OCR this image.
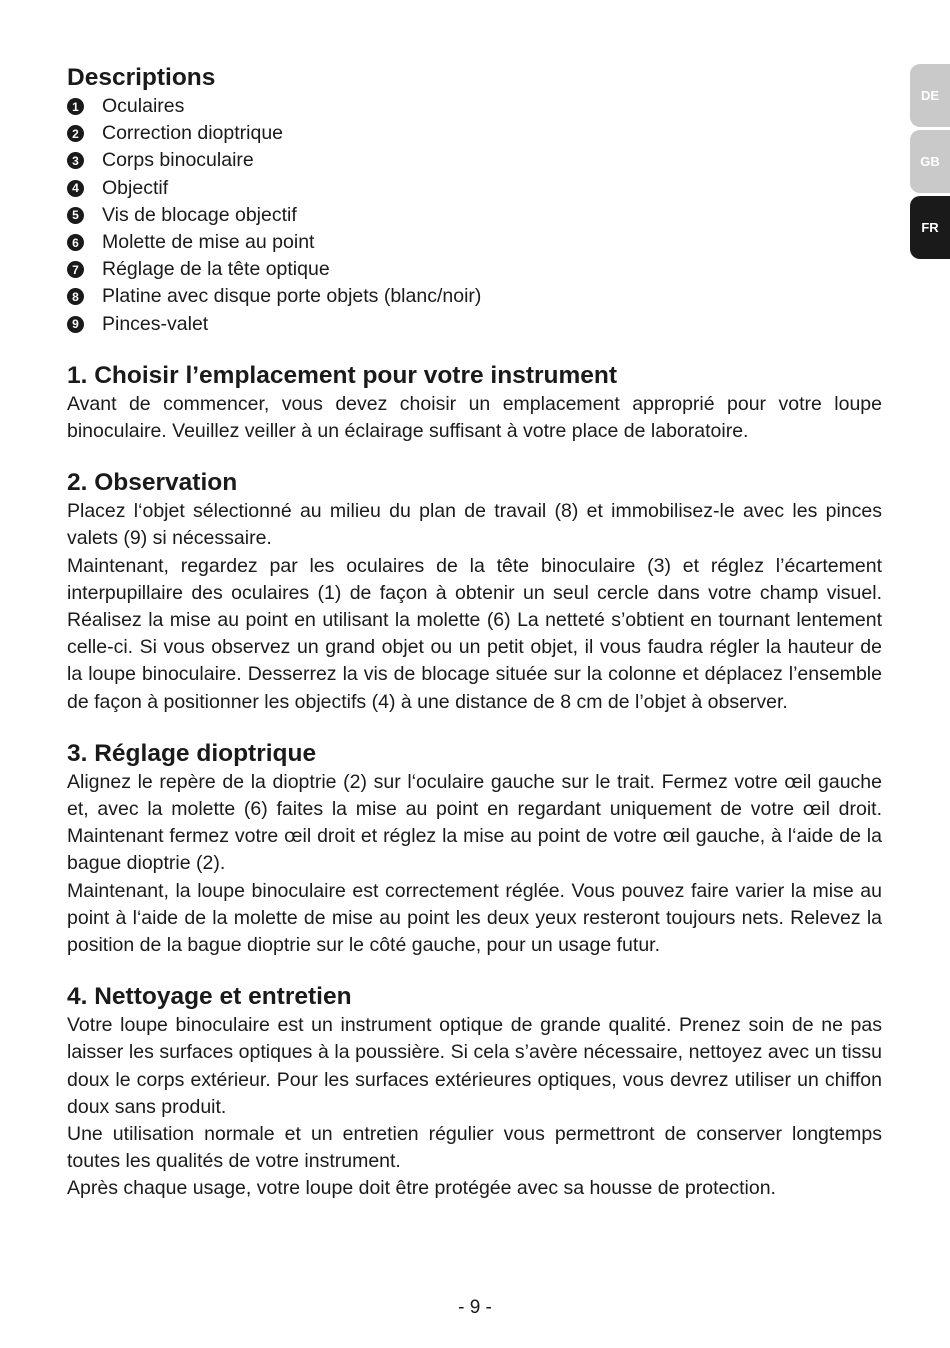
Descriptions
1 Oculaires
2 Correction dioptrique
3 Corps binoculaire
4 Objectif
5 Vis de blocage objectif
6 Molette de mise au point
7 Réglage de la tête optique
8 Platine avec disque porte objets (blanc/noir)
9 Pinces-valet
1. Choisir l’emplacement pour votre instrument

Avant de commencer, vous devez choisir un emplacement approprié pour votre loupe binoculaire. Veuillez veiller à un éclairage suffisant à votre place de laboratoire.

2. Observation

Placez l‘objet sélectionné au milieu du plan de travail (8) et immobilisez-le avec les pinces valets (9) si nécessaire.

Maintenant, regardez par les oculaires de la tête binoculaire (3) et réglez l’écartement interpupillaire des oculaires (1) de façon à obtenir un seul cercle dans votre champ visuel. Réalisez la mise au point en utilisant la molette (6) La netteté s’obtient en tournant lentement celle-ci. Si vous observez un grand objet ou un petit objet, il vous faudra régler la hauteur de la loupe binoculaire. Desserrez la vis de blocage située sur la colonne et déplacez l’ensemble de façon à positionner les objectifs (4) à une distance de 8 cm de l’objet à observer.

3. Réglage dioptrique

Alignez le repère de la dioptrie (2) sur l‘oculaire gauche sur le trait. Fermez votre œil gauche et, avec la molette (6) faites la mise au point en regardant uniquement de votre œil droit. Maintenant fermez votre œil droit et réglez la mise au point de votre œil gauche, à l‘aide de la bague dioptrie (2).

Maintenant, la loupe binoculaire est correctement réglée. Vous pouvez faire varier la mise au point à l‘aide de la molette de mise au point les deux yeux resteront toujours nets. Relevez la position de la bague dioptrie sur le côté gauche, pour un usage futur.

4. Nettoyage et entretien

Votre loupe binoculaire est un instrument optique de grande qualité. Prenez soin de ne pas laisser les surfaces optiques à la poussière. Si cela s’avère nécessaire, nettoyez avec un tissu doux le corps extérieur. Pour les surfaces extérieures optiques, vous devrez utiliser un chiffon doux sans produit.

Une utilisation normale et un entretien régulier vous permettront de conserver longtemps toutes les qualités de votre instrument.

Après chaque usage, votre loupe doit être protégée avec sa housse de protection.

DE
GB
FR
- 9 -
